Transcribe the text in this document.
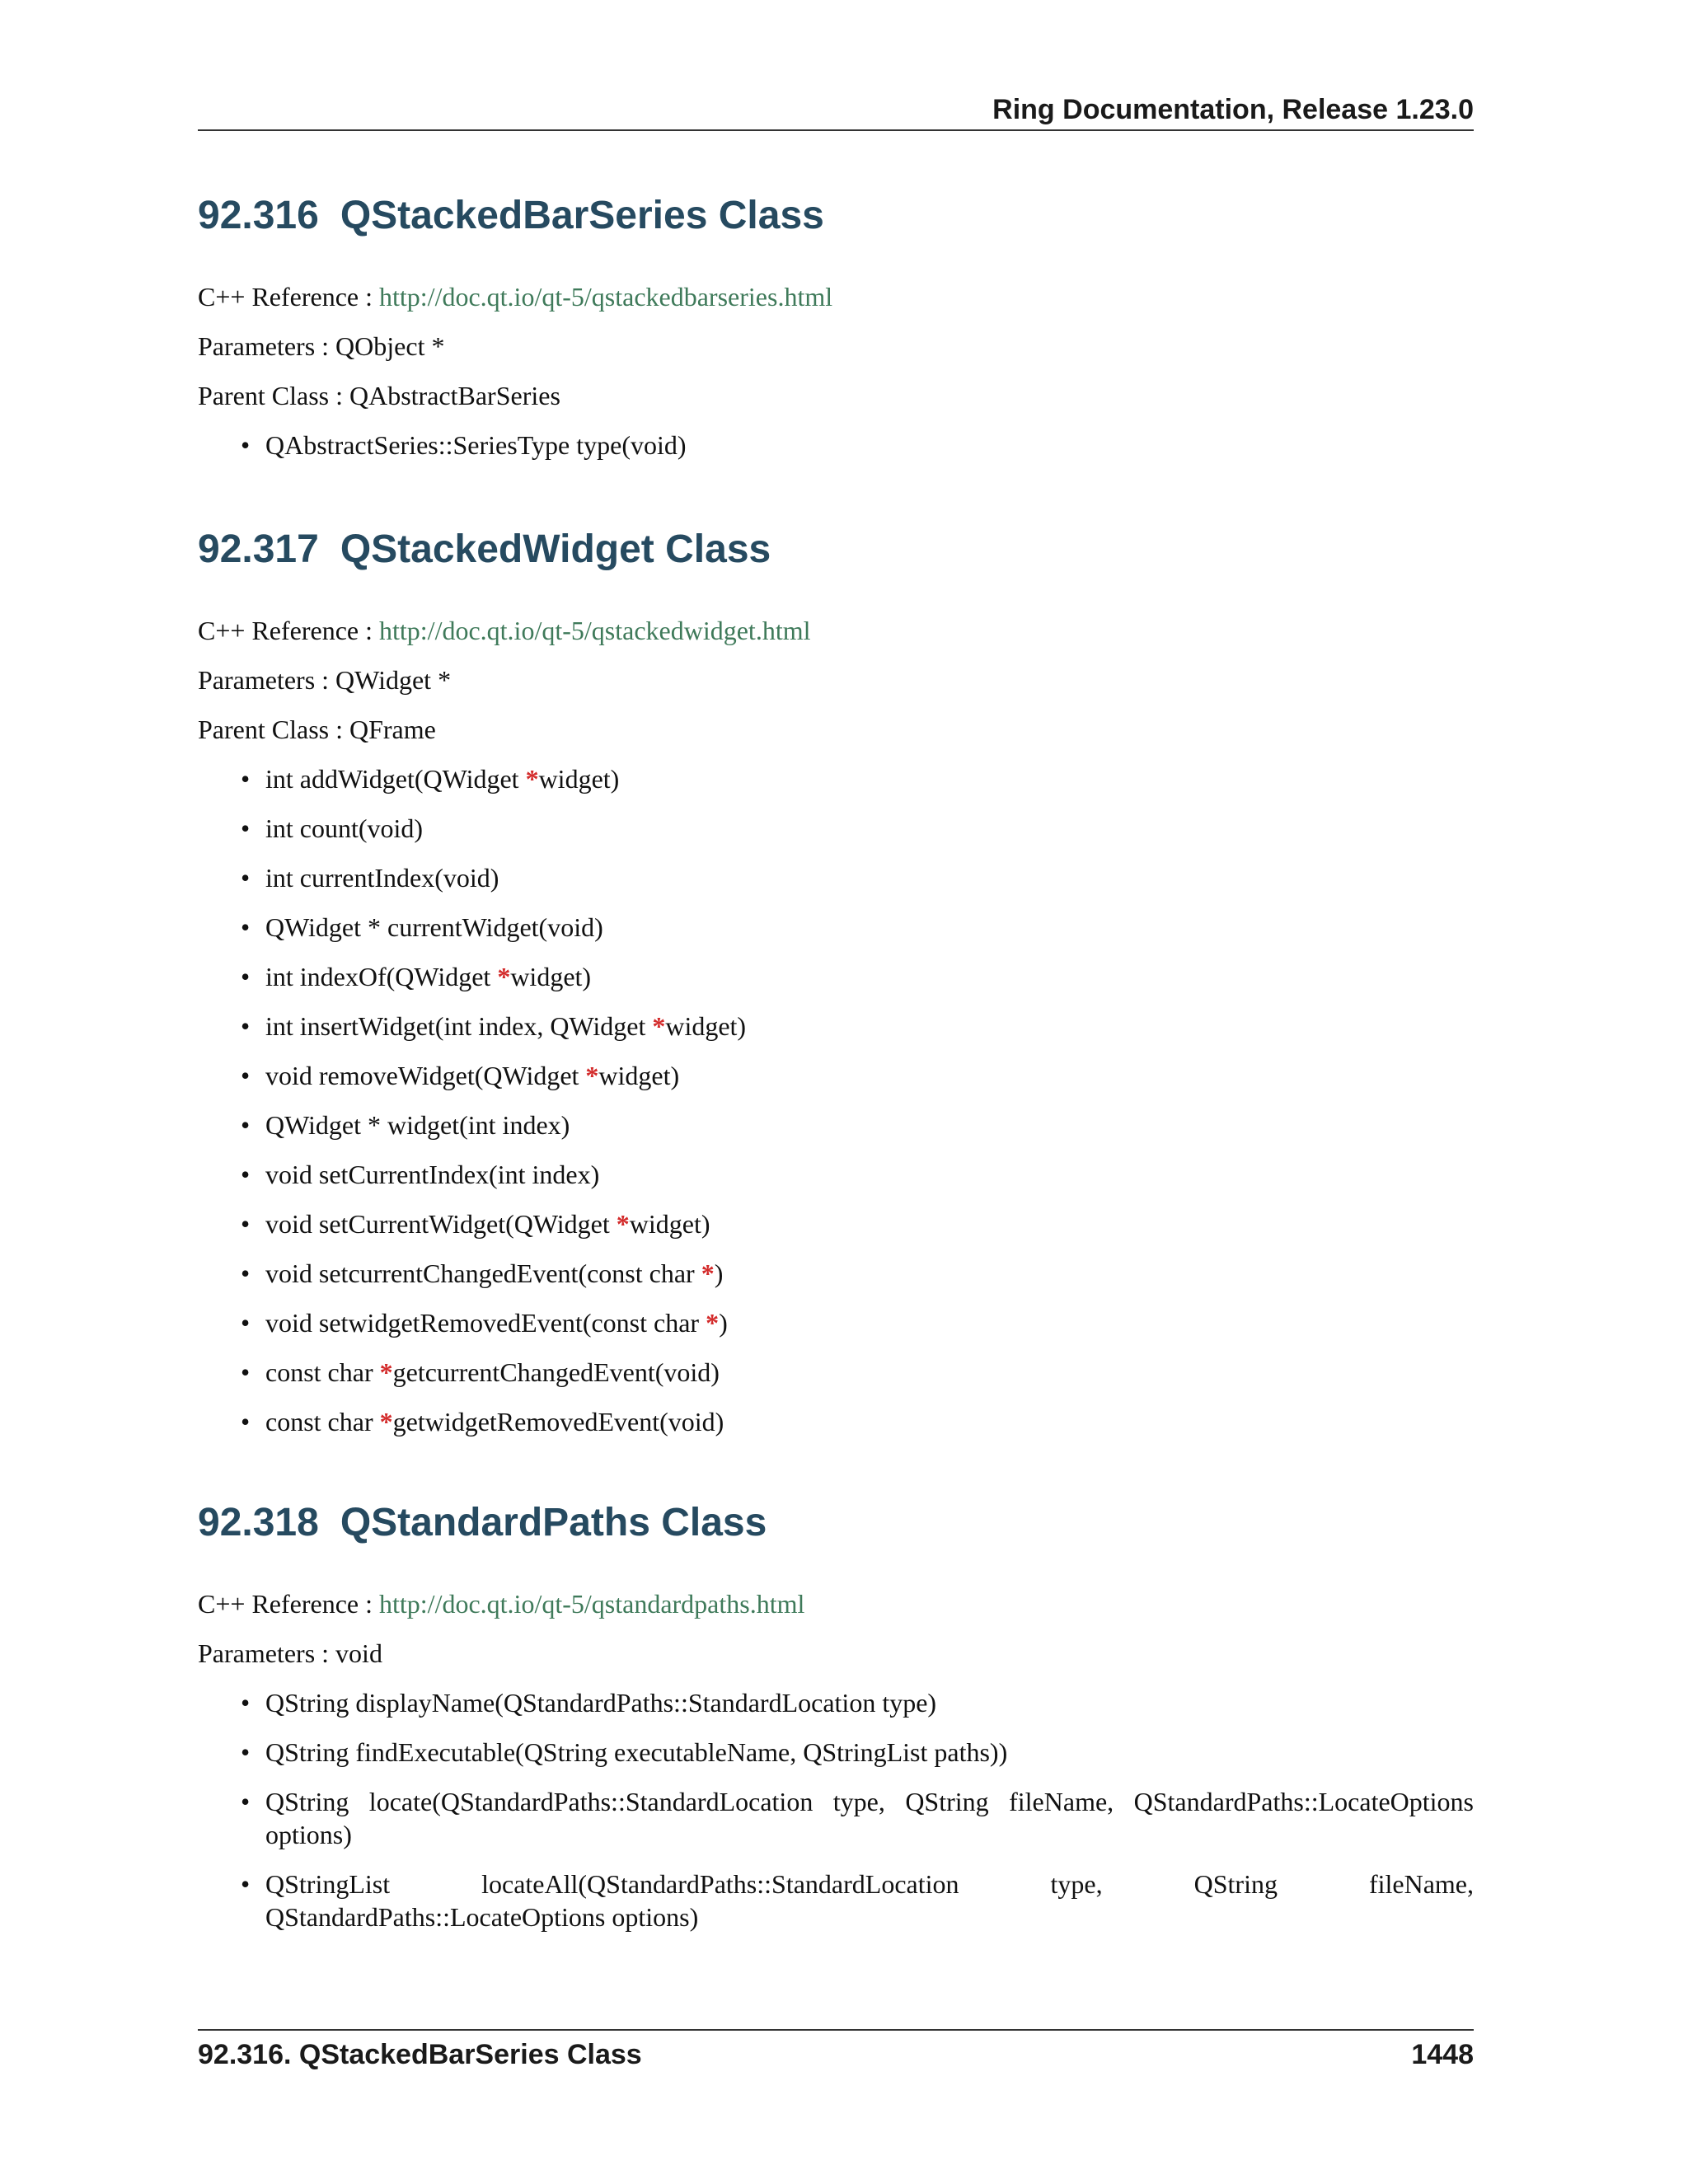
Ring Documentation, Release 1.23.0
92.316 QStackedBarSeries Class

C++ Reference : http://doc.qt.io/qt-5/qstackedbarseries.html

Parameters : QObject *

Parent Class : QAbstractBarSeries

• QAbstractSeries::SeriesType type(void)
92.317 QStackedWidget Class

C++ Reference : http://doc.qt.io/qt-5/qstackedwidget.html

Parameters : QWidget *

Parent Class : QFrame

• int addWidget(QWidget *widget)
• int count(void)
• int currentIndex(void)
• QWidget * currentWidget(void)
• int indexOf(QWidget *widget)
• int insertWidget(int index, QWidget *widget)
• void removeWidget(QWidget *widget)
• QWidget * widget(int index)
• void setCurrentIndex(int index)
• void setCurrentWidget(QWidget *widget)
• void setcurrentChangedEvent(const char *)
• void setwidgetRemovedEvent(const char *)
• const char *getcurrentChangedEvent(void)
• const char *getwidgetRemovedEvent(void)
92.318 QStandardPaths Class

C++ Reference : http://doc.qt.io/qt-5/qstandardpaths.html

Parameters : void

• QString displayName(QStandardPaths::StandardLocation type)
• QString findExecutable(QString executableName, QStringList paths))
• QString locate(QStandardPaths::StandardLocation type, QString fileName, QStandardPaths::LocateOptions options)
• QStringList locateAll(QStandardPaths::StandardLocation type, QString fileName, QStandardPaths::LocateOptions options)
92.316. QStackedBarSeries Class	1448
